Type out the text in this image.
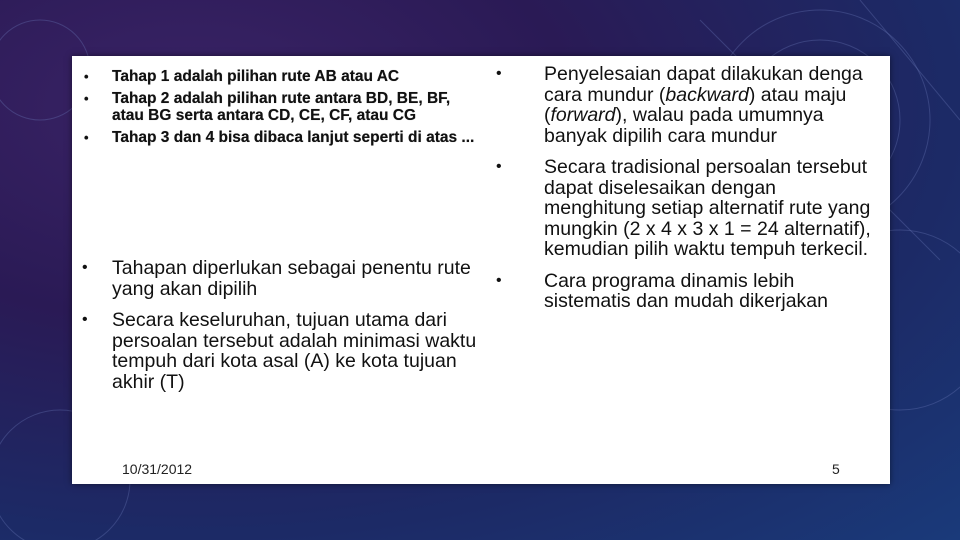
• Tahap 1 adalah pilihan rute AB atau AC
• Tahap 2 adalah pilihan rute antara BD, BE, BF, atau BG serta antara CD, CE, CF, atau CG
• Tahap 3 dan 4 bisa dibaca lanjut seperti di atas ...
• Tahapan diperlukan sebagai penentu rute yang akan dipilih
• Secara keseluruhan, tujuan utama dari persoalan tersebut adalah minimasi waktu tempuh dari kota asal (A) ke kota tujuan akhir (T)
• Penyelesaian dapat dilakukan denga cara mundur (backward) atau maju (forward), walau pada umumnya banyak dipilih cara mundur
• Secara tradisional persoalan tersebut dapat diselesaikan dengan menghitung setiap alternatif rute yang mungkin (2 x 4 x 3 x 1 = 24 alternatif), kemudian pilih waktu tempuh terkecil.
• Cara programa dinamis lebih sistematis dan mudah dikerjakan
10/31/2012	5
